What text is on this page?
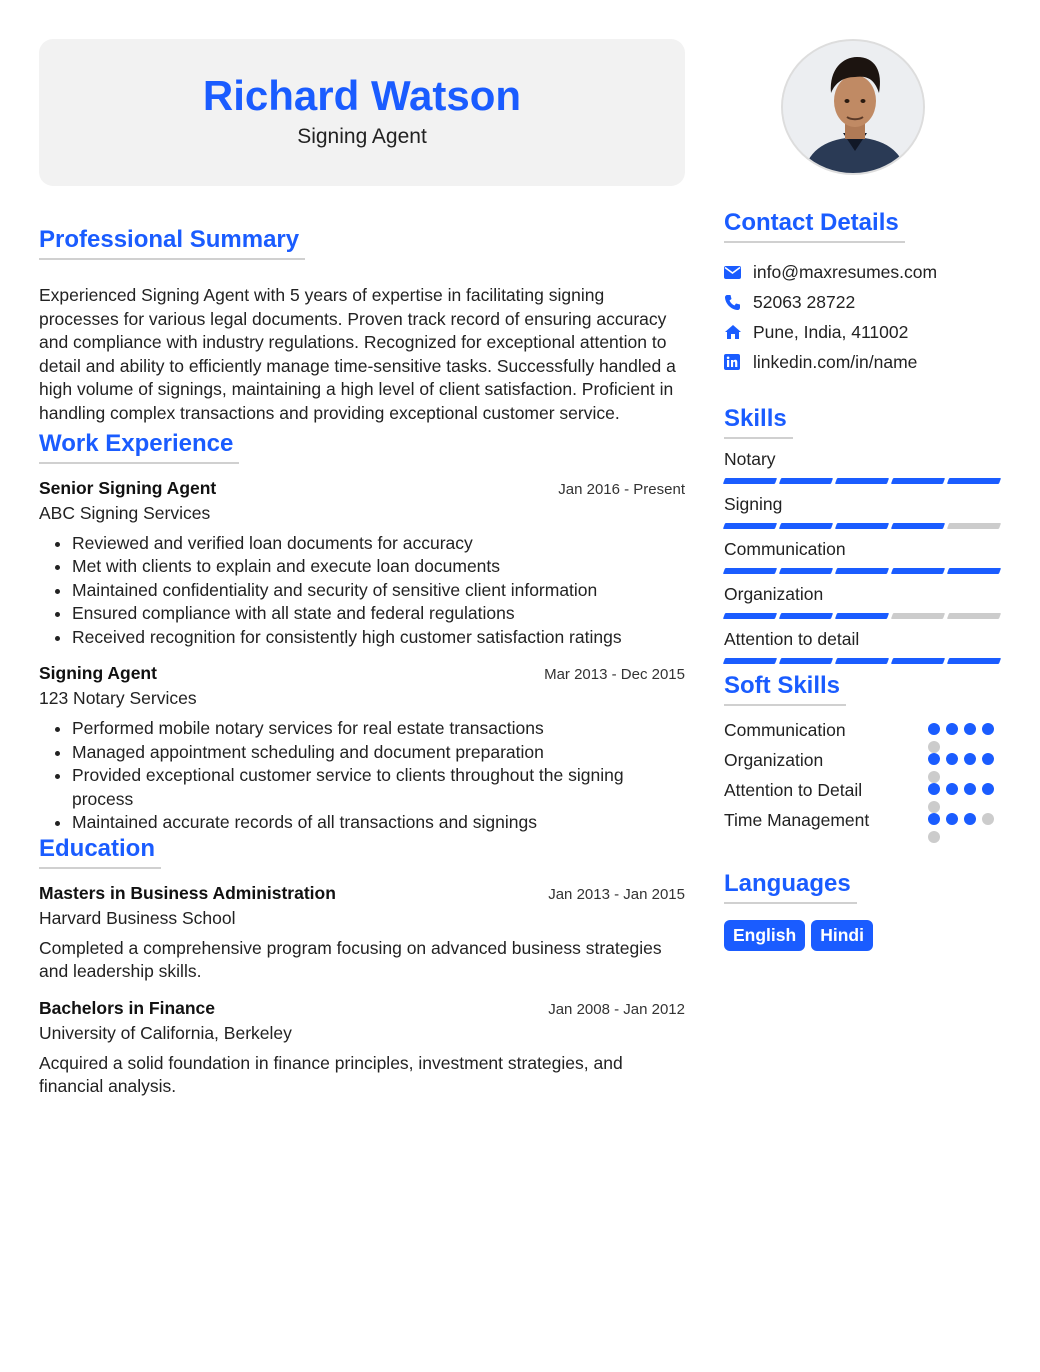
Richard Watson
Signing Agent
Professional Summary

Experienced Signing Agent with 5 years of expertise in facilitating signing processes for various legal documents. Proven track record of ensuring accuracy and compliance with industry regulations. Recognized for exceptional attention to detail and ability to efficiently manage time-sensitive tasks. Successfully handled a high volume of signings, maintaining a high level of client satisfaction. Proficient in handling complex transactions and providing exceptional customer service.

Work Experience
Senior Signing Agent	Jan 2016 - Present
ABC Signing Services
• Reviewed and verified loan documents for accuracy
• Met with clients to explain and execute loan documents
• Maintained confidentiality and security of sensitive client information
• Ensured compliance with all state and federal regulations
• Received recognition for consistently high customer satisfaction ratings
Signing Agent	Mar 2013 - Dec 2015
123 Notary Services
• Performed mobile notary services for real estate transactions
• Managed appointment scheduling and document preparation
• Provided exceptional customer service to clients throughout the signing process
• Maintained accurate records of all transactions and signings
Education
Masters in Business Administration	Jan 2013 - Jan 2015
Harvard Business School

Completed a comprehensive program focusing on advanced business strategies and leadership skills.

Bachelors in Finance	Jan 2008 - Jan 2012
University of California, Berkeley

Acquired a solid foundation in finance principles, investment strategies, and financial analysis.

Contact Details
info@maxresumes.com
52063 28722
Pune, India, 411002
linkedin.com/in/name
Skills
Notary
Signing
Communication
Organization
Attention to detail
Soft Skills
Communication
Organization
Attention to Detail
Time Management
Languages
English	Hindi
